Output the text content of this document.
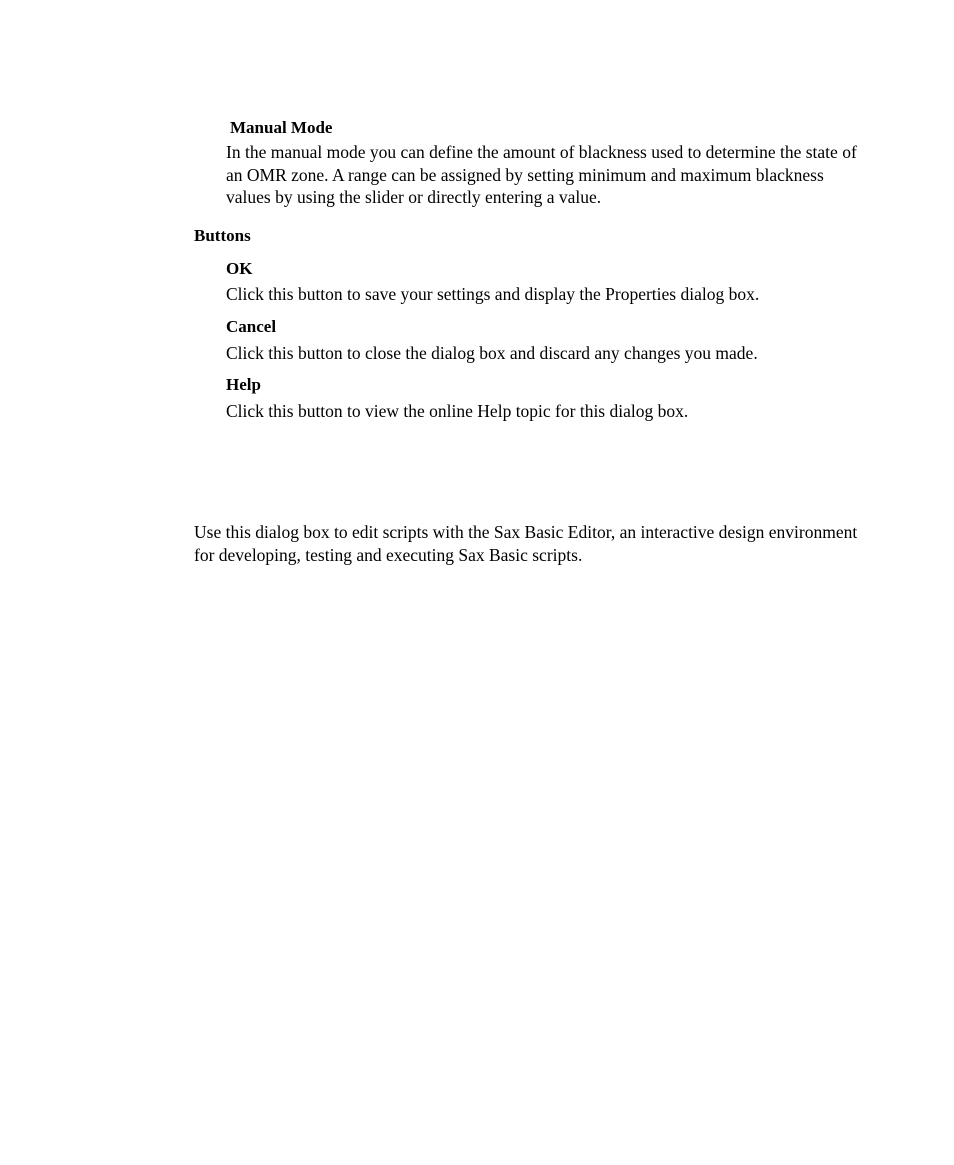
Manual Mode

In the manual mode you can define the amount of blackness used to determine the state of an OMR zone. A range can be assigned by setting minimum and maximum blackness values by using the slider or directly entering a value.

Buttons
OK
Click this button to save your settings and display the Properties dialog box.
Cancel
Click this button to close the dialog box and discard any changes you made.
Help
Click this button to view the online Help topic for this dialog box.

Use this dialog box to edit scripts with the Sax Basic Editor, an interactive design environment for developing, testing and executing Sax Basic scripts.
